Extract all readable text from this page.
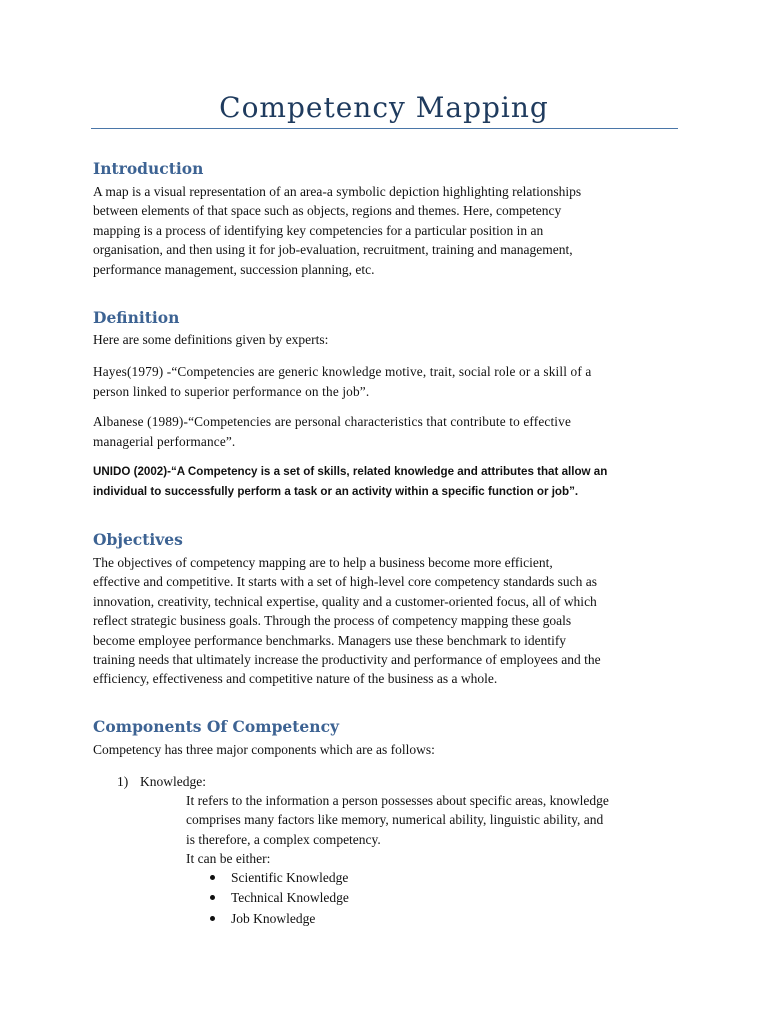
Competency Mapping
Introduction
A map is a visual representation of an area-a symbolic depiction highlighting relationships
between elements of that space such as objects, regions and themes. Here, competency
mapping is a process of identifying key competencies for a particular position in an
organisation, and then using it for job-evaluation, recruitment, training and management,
performance management, succession planning, etc.
Definition
Here are some definitions given by experts:
Hayes(1979) -“Competencies are generic knowledge motive, trait, social role or a skill of a
person linked to superior performance on the job”.
Albanese (1989)-“Competencies are personal characteristics that contribute to effective
managerial performance”.
UNIDO (2002)-“A Competency is a set of skills, related knowledge and attributes that allow an
individual to successfully perform a task or an activity within a specific function or job”.
Objectives
The objectives of competency mapping are to help a business become more efficient,
effective and competitive. It starts with a set of high-level core competency standards such as
innovation, creativity, technical expertise, quality and a customer-oriented focus, all of which
reflect strategic business goals. Through the process of competency mapping these goals
become employee performance benchmarks. Managers use these benchmark to identify
training needs that ultimately increase the productivity and performance of employees and the
efficiency, effectiveness and competitive nature of the business as a whole.
Components Of Competency
Competency has three major components which are as follows:
1) Knowledge:
It refers to the information a person possesses about specific areas, knowledge
comprises many factors like memory, numerical ability, linguistic ability, and
is therefore, a complex competency.
It can be either:
Scientific Knowledge
Technical Knowledge
Job Knowledge
